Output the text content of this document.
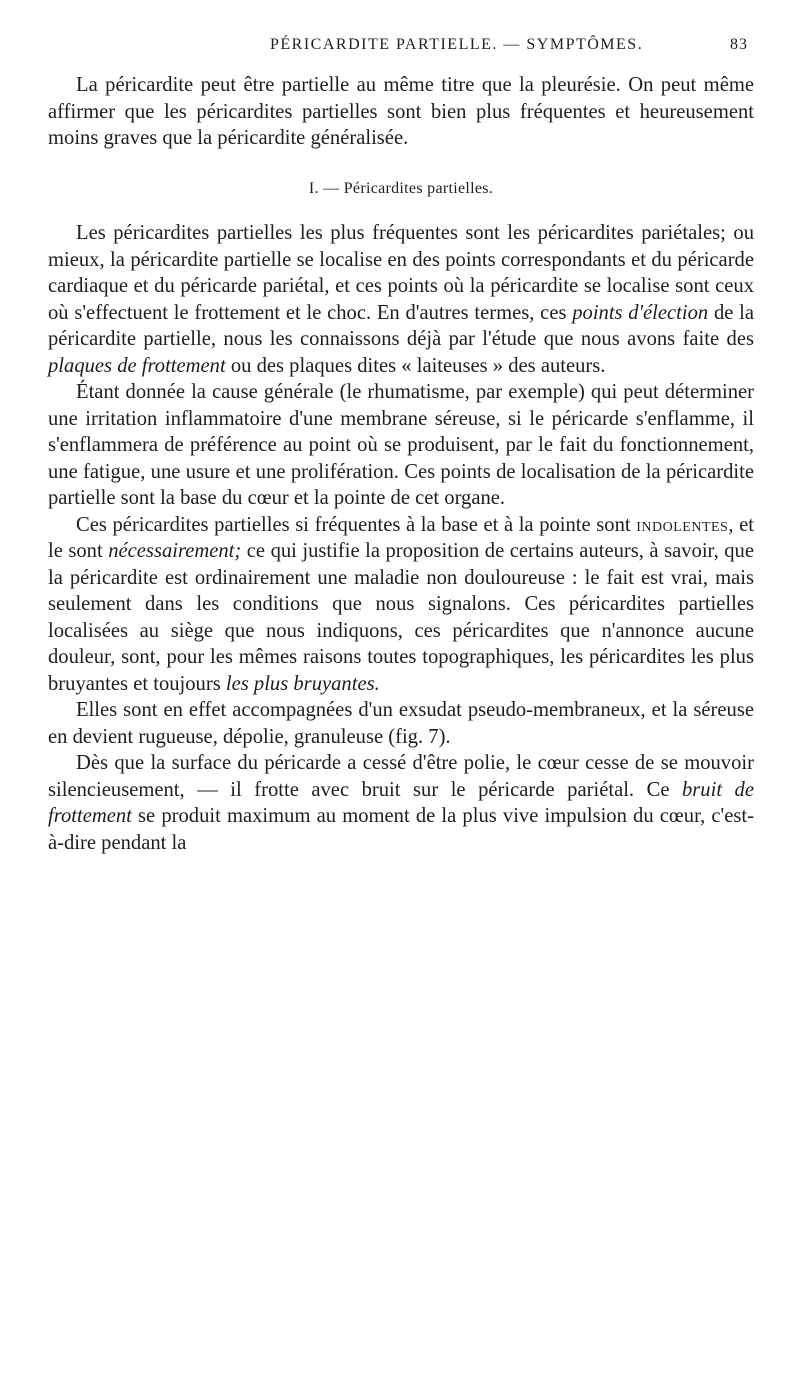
PÉRICARDITE PARTIELLE. — SYMPTÔMES.	83

La péricardite peut être partielle au même titre que la pleurésie. On peut même affirmer que les péricardites partielles sont bien plus fréquentes et heureusement moins graves que la péricardite généralisée.

I. — Péricardites partielles.

Les péricardites partielles les plus fréquentes sont les péricardites pariétales; ou mieux, la péricardite partielle se localise en des points correspondants et du péricarde cardiaque et du péricarde pariétal, et ces points où la péricardite se localise sont ceux où s'effectuent le frottement et le choc. En d'autres termes, ces points d'élection de la péricardite partielle, nous les connaissons déjà par l'étude que nous avons faite des plaques de frottement ou des plaques dites « laiteuses » des auteurs.

Étant donnée la cause générale (le rhumatisme, par exemple) qui peut déterminer une irritation inflammatoire d'une membrane séreuse, si le péricarde s'enflamme, il s'enflammera de préférence au point où se produisent, par le fait du fonctionnement, une fatigue, une usure et une prolifération. Ces points de localisation de la péricardite partielle sont la base du cœur et la pointe de cet organe.

Ces péricardites partielles si fréquentes à la base et à la pointe sont indolentes, et le sont nécessairement; ce qui justifie la proposition de certains auteurs, à savoir, que la péricardite est ordinairement une maladie non douloureuse : le fait est vrai, mais seulement dans les conditions que nous signalons. Ces péricardites partielles localisées au siège que nous indiquons, ces péricardites que n'annonce aucune douleur, sont, pour les mêmes raisons toutes topographiques, les péricardites les plus bruyantes et toujours les plus bruyantes.

Elles sont en effet accompagnées d'un exsudat pseudo-membraneux, et la séreuse en devient rugueuse, dépolie, granuleuse (fig. 7).

Dès que la surface du péricarde a cessé d'être polie, le cœur cesse de se mouvoir silencieusement, — il frotte avec bruit sur le péricarde pariétal. Ce bruit de frottement se produit maximum au moment de la plus vive impulsion du cœur, c'est-à-dire pendant la
